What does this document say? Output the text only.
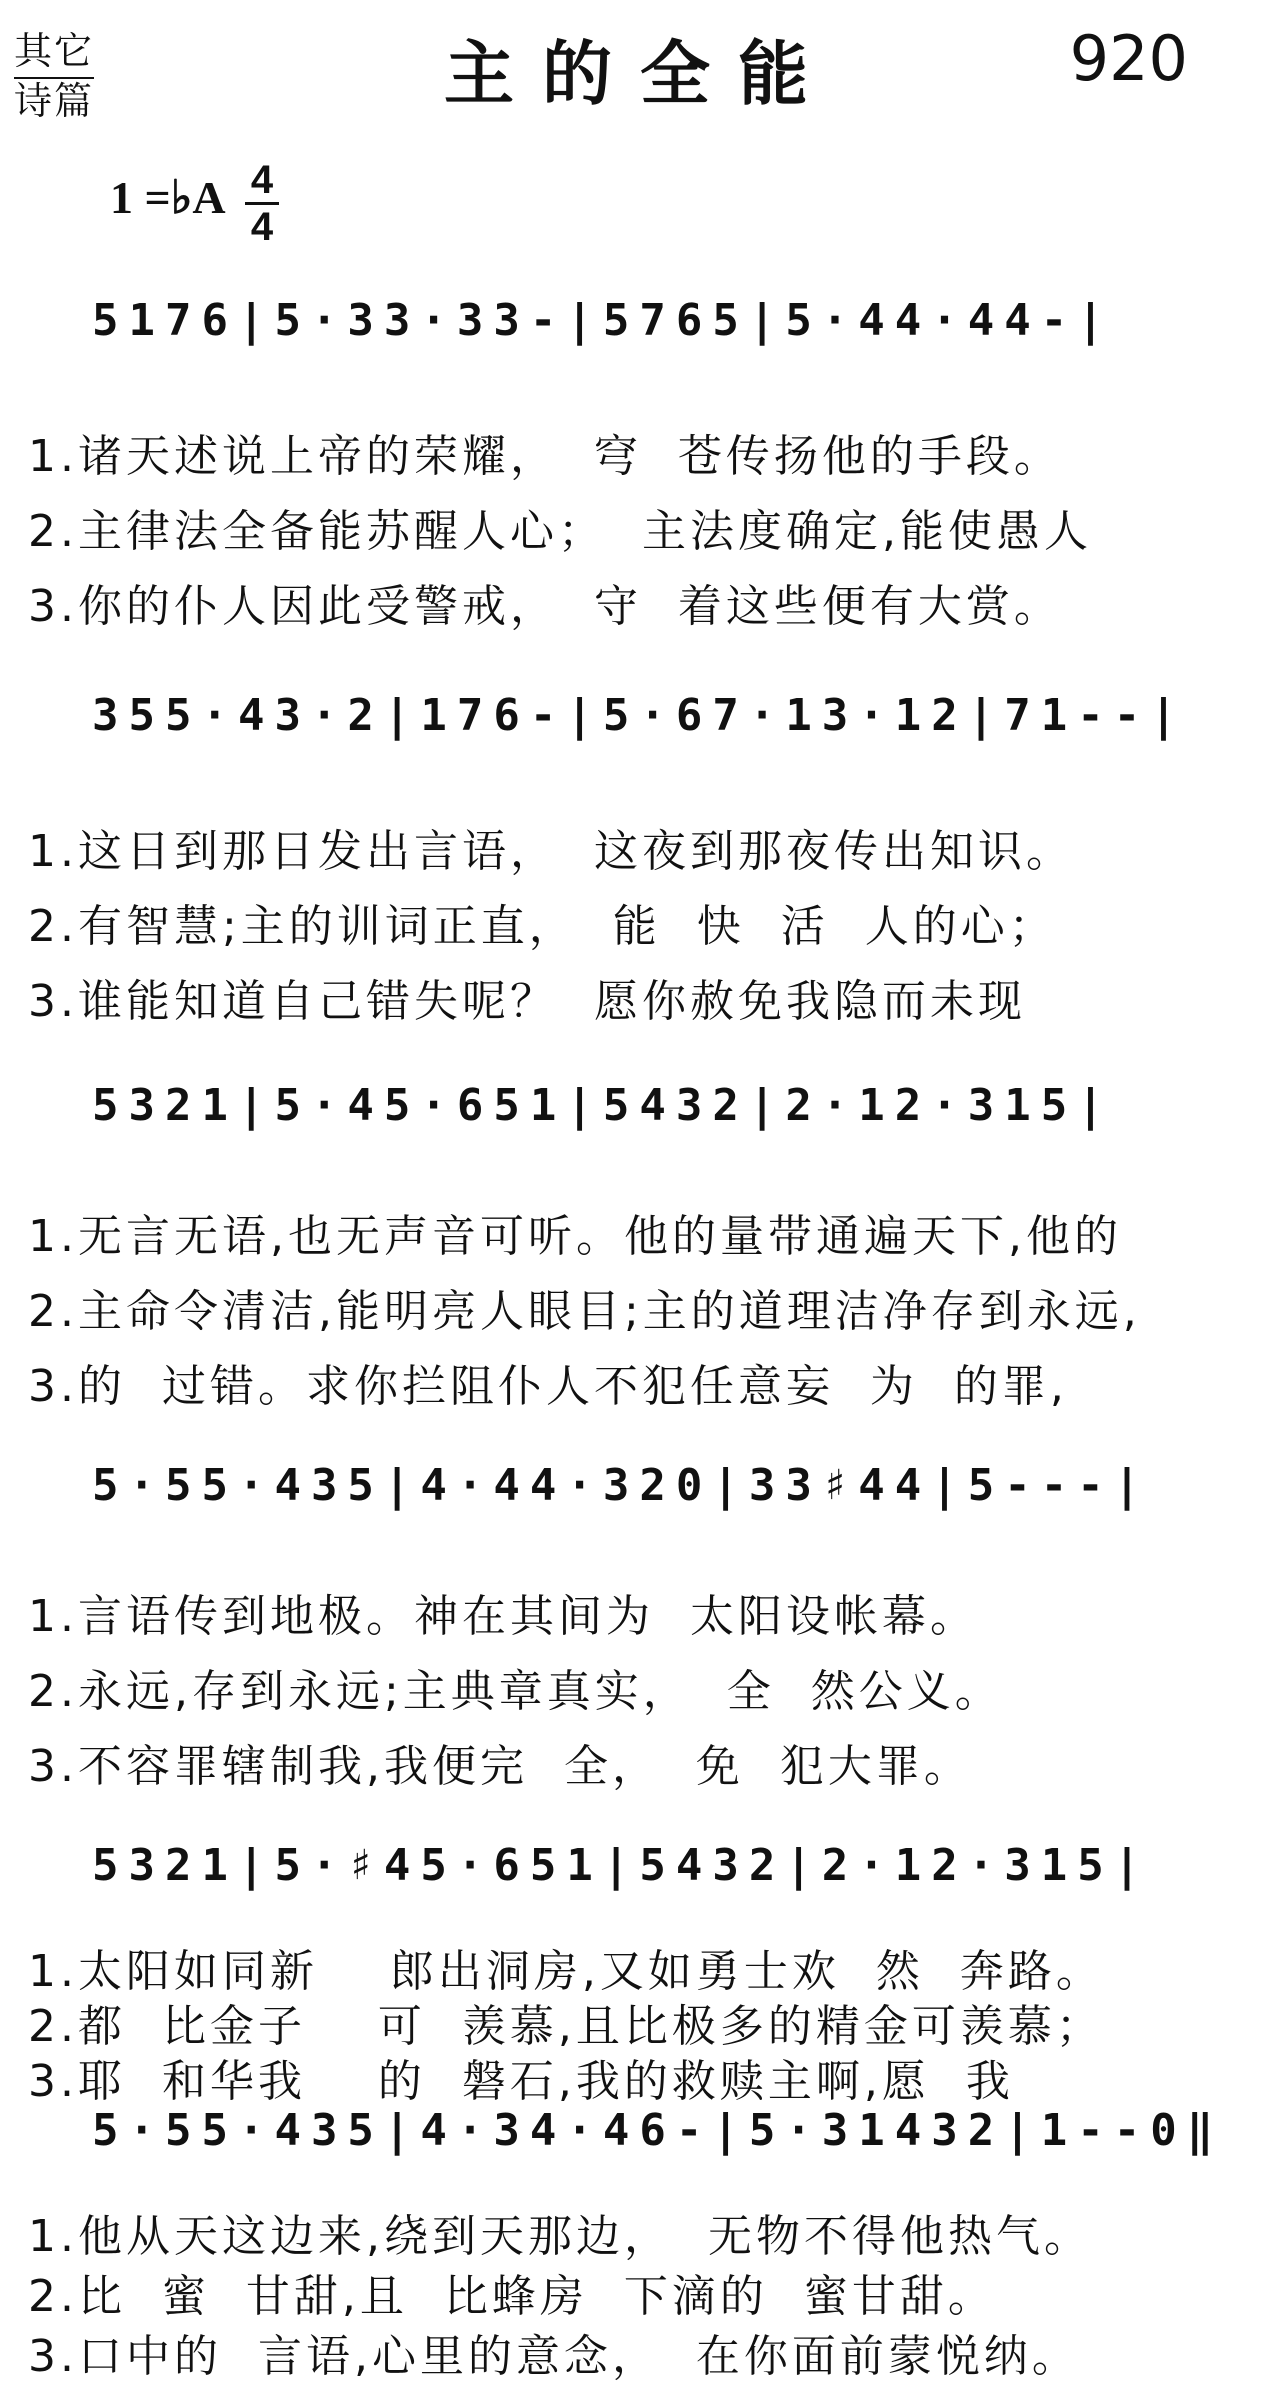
其它
诗篇	主的全能	920
1 =♭A 4
4
5176|5·33·33-|5765|5·44·44-|
1.诸天述说上帝的荣耀，  穹  苍传扬他的手段。
2.主律法全备能苏醒人心；  主法度确定,能使愚人
3.你的仆人因此受警戒，  守  着这些便有大赏。
355·43·2|176-|5·67·13·12|71--|
1.这日到那日发出言语，  这夜到那夜传出知识。
2.有智慧;主的训词正直，  能  快  活  人的心；
3.谁能知道自己错失呢？  愿你赦免我隐而未现
5321|5·45·651|5432|2·12·315|
1.无言无语,也无声音可听。他的量带通遍天下,他的
2.主命令清洁,能明亮人眼目;主的道理洁净存到永远,
3.的  过错。求你拦阻仆人不犯任意妄  为  的罪,
5·55·435|4·44·320|33♯44|5---|
1.言语传到地极。神在其间为  太阳设帐幕。
2.永远,存到永远;主典章真实，  全  然公义。
3.不容罪辖制我,我便完  全，  免  犯大罪。
5321|5·♯45·651|5432|2·12·315|
1.太阳如同新    郎出洞房,又如勇士欢  然  奔路。
2.都  比金子    可  羡慕,且比极多的精金可羡慕；
3.耶  和华我    的  磐石,我的救赎主啊,愿  我
5·55·435|4·34·46-|5·31432|1--0‖
1.他从天这边来,绕到天那边，  无物不得他热气。
2.比  蜜  甘甜,且  比蜂房  下滴的  蜜甘甜。
3.口中的  言语,心里的意念，  在你面前蒙悦纳。
